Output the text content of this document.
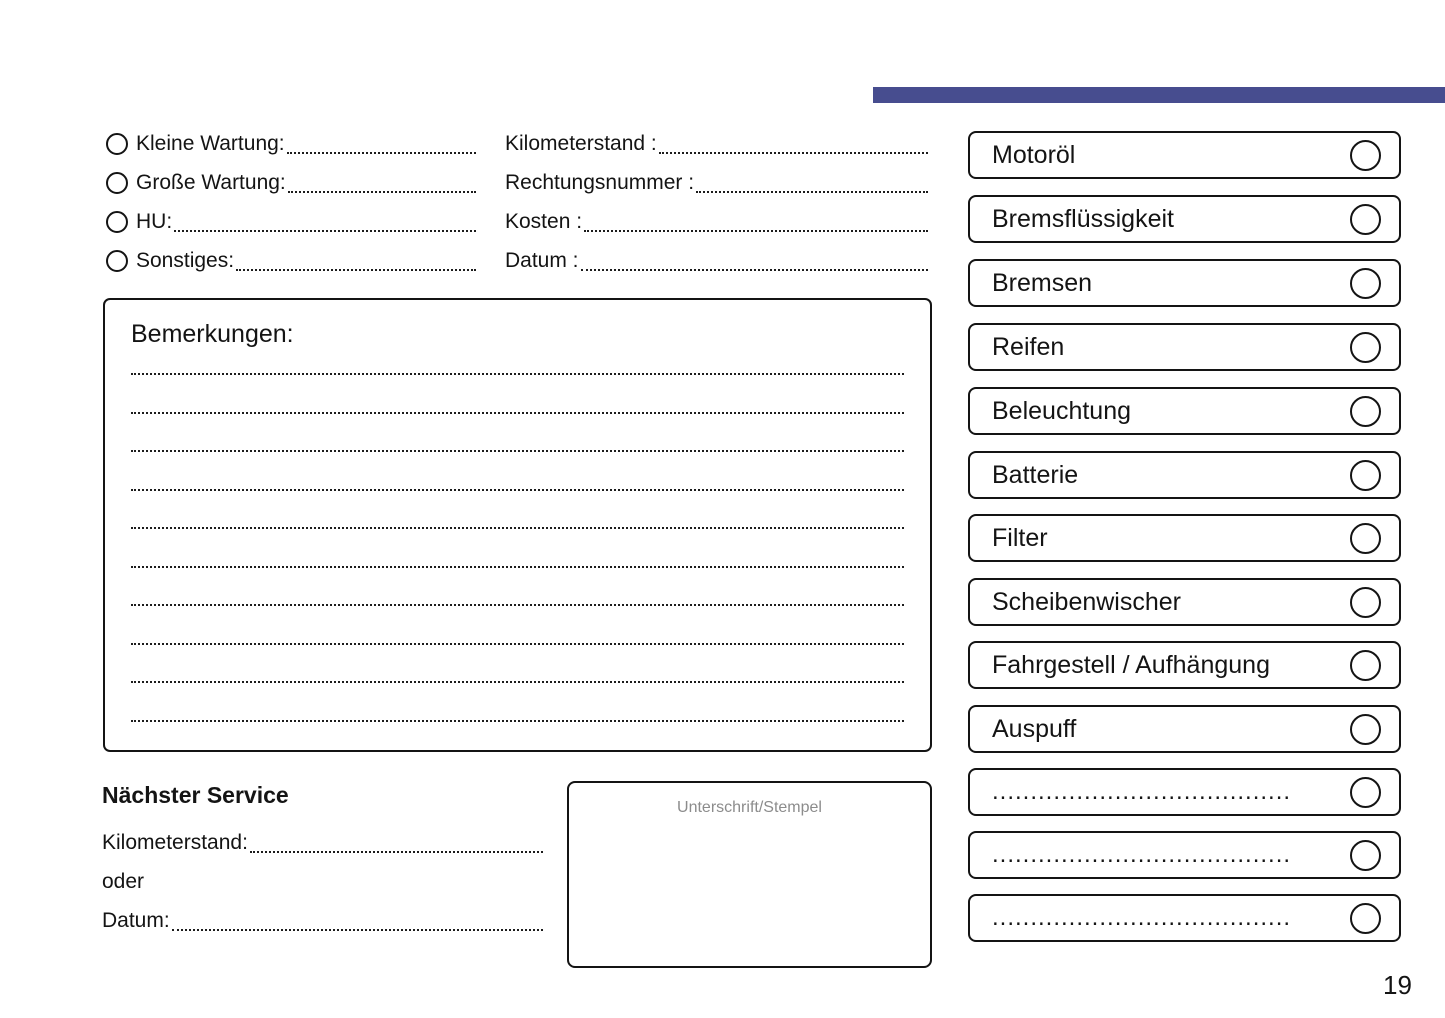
Kleine Wartung:
Große Wartung:
HU:
Sonstiges:
Kilometerstand :
Rechtungsnummer :
Kosten :
Datum :
Bemerkungen:
Nächster Service
Kilometerstand:
oder
Datum:
Unterschrift/Stempel
Motoröl
Bremsflüssigkeit
Bremsen
Reifen
Beleuchtung
Batterie
Filter
Scheibenwischer
Fahrgestell / Aufhängung
Auspuff
.......................................
.......................................
.......................................
19
